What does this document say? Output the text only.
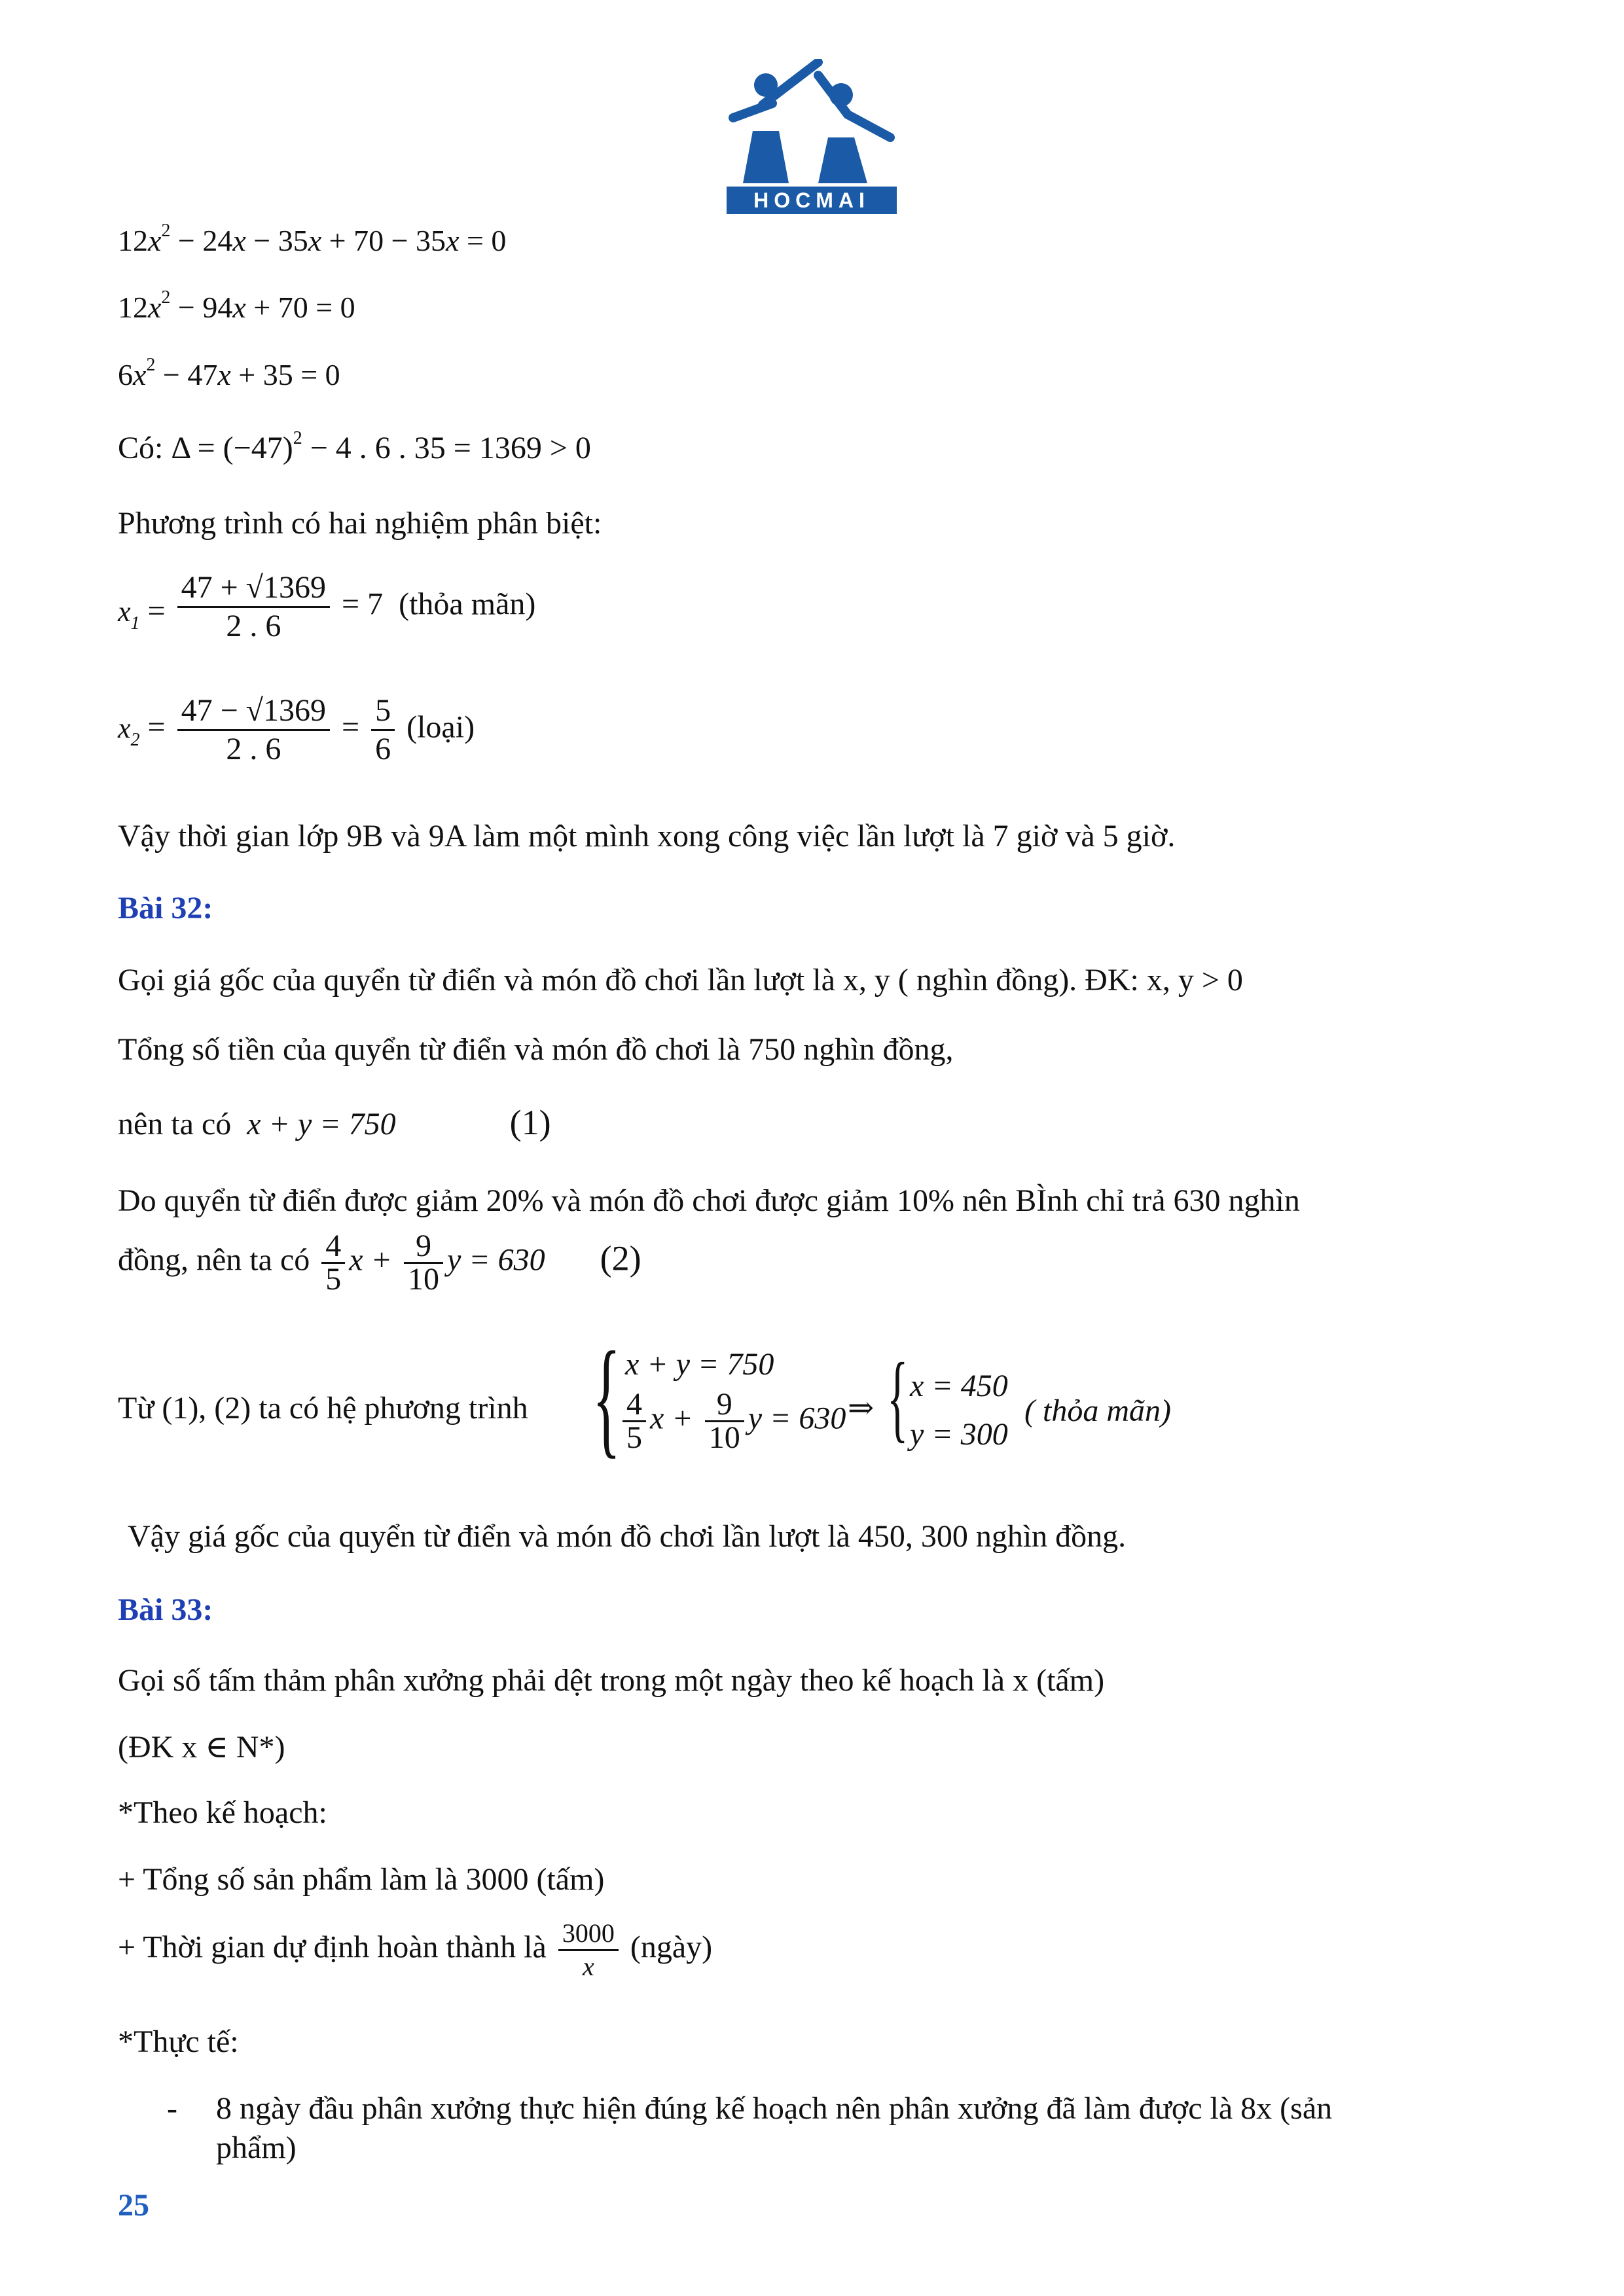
HOCMAI
$12x^2 - 24x - 35x + 70 - 35x = 0$
$12x^2 - 94x + 70 = 0$
$6x^2 - 47x + 35 = 0$
Có: $\Delta = (-47)^2 - 4$ . 6 . 35 = 1369 > 0
Phương trình có hai nghiệm phân biệt:
$x_1 = \frac{47 + √1369}{2 . 6} = 7$ (thỏa mãn)
$x_2 = \frac{47 - √1369}{2 . 6} = \frac{5}{6}$ (loại)
Vậy thời gian lớp 9B và 9A làm một mình xong công việc lần lượt là 7 giờ và 5 giờ.
Bài 32:
Gọi giá gốc của quyển từ điển và món đồ chơi lần lượt là x, y ( nghìn đồng). ĐK: x, y > 0
Tổng số tiền của quyển từ điển và món đồ chơi là 750 nghìn đồng,
nên ta có x + y = 750	(1)
Do quyển từ điển được giảm 20% và món đồ chơi được giảm 10% nên BÌnh chỉ trả 630 nghìn
đồng, nên ta có $\frac{4}{5}$ $x + \frac{9}{10}$ y = 630 (2)
Từ (1), (2) ta có hệ phương trình { x + y = 750
$\frac{4}{5}$ $x + \frac{9}{10}$ y = 630 ⇒ { x = 450
y = 300
( thỏa mãn)
Vậy giá gốc của quyển từ điển và món đồ chơi lần lượt là 450, 300 nghìn đồng.
Bài 33:
Gọi số tấm thảm phân xưởng phải dệt trong một ngày theo kế hoạch là x (tấm)
(ĐK x ∈ N*)
*Theo kế hoạch:
+ Tổng số sản phẩm làm là 3000 (tấm)
+ Thời gian dự định hoàn thành là $\frac{3000}{x}$ (ngày)
*Thực tế:
- 8 ngày đầu phân xưởng thực hiện đúng kế hoạch nên phân xưởng đã làm được là 8x (sản
phẩm)
25
